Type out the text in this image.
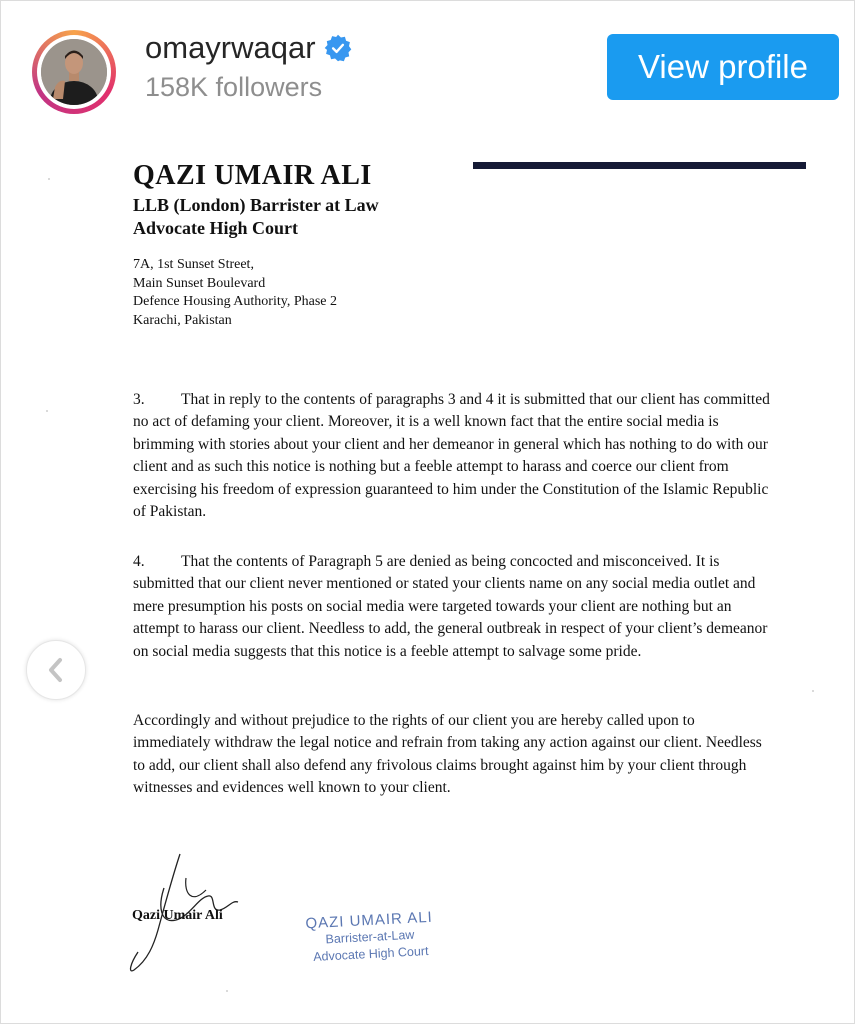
omayrwaqar
158K followers
View profile
QAZI UMAIR ALI
LLB (London) Barrister at Law
Advocate High Court
7A, 1st Sunset Street,
Main Sunset Boulevard
Defence Housing Authority, Phase 2
Karachi, Pakistan

3. That in reply to the contents of paragraphs 3 and 4 it is submitted that our client has committed no act of defaming your client. Moreover, it is a well known fact that the entire social media is brimming with stories about your client and her demeanor in general which has nothing to do with our client and as such this notice is nothing but a feeble attempt to harass and coerce our client from exercising his freedom of expression guaranteed to him under the Constitution of the Islamic Republic of Pakistan.

4. That the contents of Paragraph 5 are denied as being concocted and misconceived. It is submitted that our client never mentioned or stated your clients name on any social media outlet and mere presumption his posts on social media were targeted towards your client are nothing but an attempt to harass our client. Needless to add, the general outbreak in respect of your client’s demeanor on social media suggests that this notice is a feeble attempt to salvage some pride.

Accordingly and without prejudice to the rights of our client you are hereby called upon to immediately withdraw the legal notice and refrain from taking any action against our client. Needless to add, our client shall also defend any frivolous claims brought against him by your client through witnesses and evidences well known to your client.

Qazi Umair Ali	QAZI UMAIR ALI
Barrister-at-Law
Advocate High Court
